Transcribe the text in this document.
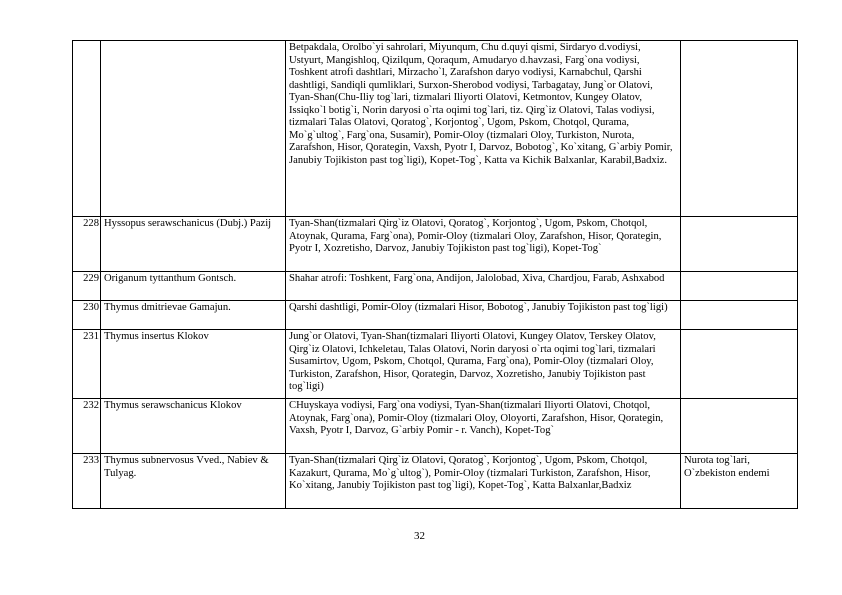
		Betpakdala, Orolbo`yi sahrolari, Miyunqum, Chu d.quyi qismi, Sirdaryo d.vodiysi, Ustyurt, Mangishloq, Qizilqum, Qoraqum, Amudaryo d.havzasi, Farg`ona vodiysi, Toshkent atrofi dashtlari, Mirzacho`l, Zarafshon daryo vodiysi, Karnabchul, Qarshi dashtligi, Sandiqli qumliklari, Surxon-Sherobod vodiysi, Tarbagatay, Jung`or Olatovi, Tyan-Shan(Chu-Iliy tog`lari, tizmalari Iliyorti Olatovi, Ketmontov, Kungey Olatov, Issiqko`l botig`i, Norin daryosi o`rta oqimi tog`lari, tiz. Qirg`iz Olatovi, Talas vodiysi, tizmalari Talas Olatovi, Qoratog`, Korjontog`, Ugom, Pskom, Chotqol, Qurama, Mo`g`ultog`, Farg`ona, Susamir), Pomir-Oloy (tizmalari Oloy, Turkiston, Nurota, Zarafshon, Hisor, Qorategin, Vaxsh, Pyotr I, Darvoz, Bobotog`, Ko`xitang, G`arbiy Pomir, Janubiy Tojikiston past tog`ligi), Kopet-Tog`, Katta va Kichik Balxanlar, Karabil,Badxiz.	
228	Hyssopus serawschanicus (Dubj.) Pazij	Tyan-Shan(tizmalari Qirg`iz Olatovi, Qoratog`, Korjontog`, Ugom, Pskom, Chotqol, Atoynak, Qurama, Farg`ona), Pomir-Oloy (tizmalari Oloy, Zarafshon, Hisor, Qorategin, Pyotr I, Xozretisho, Darvoz, Janubiy Tojikiston past tog`ligi), Kopet-Tog`	
229	Origanum tyttanthum Gontsch.	Shahar atrofi: Toshkent, Farg`ona, Andijon, Jalolobad, Xiva, Chardjou, Farab, Ashxabod	
230	Thymus dmitrievae Gamajun.	Qarshi dashtligi, Pomir-Oloy (tizmalari Hisor, Bobotog`, Janubiy Tojikiston past tog`ligi)	
231	Thymus insertus Klokov	Jung`or Olatovi, Tyan-Shan(tizmalari Iliyorti Olatovi, Kungey Olatov, Terskey Olatov, Qirg`iz Olatovi, Ichkeletau, Talas Olatovi, Norin daryosi o`rta oqimi tog`lari, tizmalari Susamirtov, Ugom, Pskom, Chotqol, Qurama, Farg`ona), Pomir-Oloy (tizmalari Oloy, Turkiston, Zarafshon, Hisor, Qorategin, Darvoz, Xozretisho, Janubiy Tojikiston past tog`ligi)	
232	Thymus serawschanicus Klokov	CHuyskaya vodiysi, Farg`ona vodiysi, Tyan-Shan(tizmalari Iliyorti Olatovi, Chotqol, Atoynak, Farg`ona), Pomir-Oloy (tizmalari Oloy, Oloyorti, Zarafshon, Hisor, Qorategin, Vaxsh, Pyotr I, Darvoz, G`arbiy Pomir - r. Vanch), Kopet-Tog`	
233	Thymus subnervosus Vved., Nabiev & Tulyag.	Tyan-Shan(tizmalari Qirg`iz Olatovi, Qoratog`, Korjontog`, Ugom, Pskom, Chotqol, Kazakurt, Qurama, Mo`g`ultog`), Pomir-Oloy (tizmalari Turkiston, Zarafshon, Hisor, Ko`xitang, Janubiy Tojikiston past tog`ligi), Kopet-Tog`, Katta Balxanlar,Badxiz	Nurota tog`lari, O`zbekiston endemi
32
